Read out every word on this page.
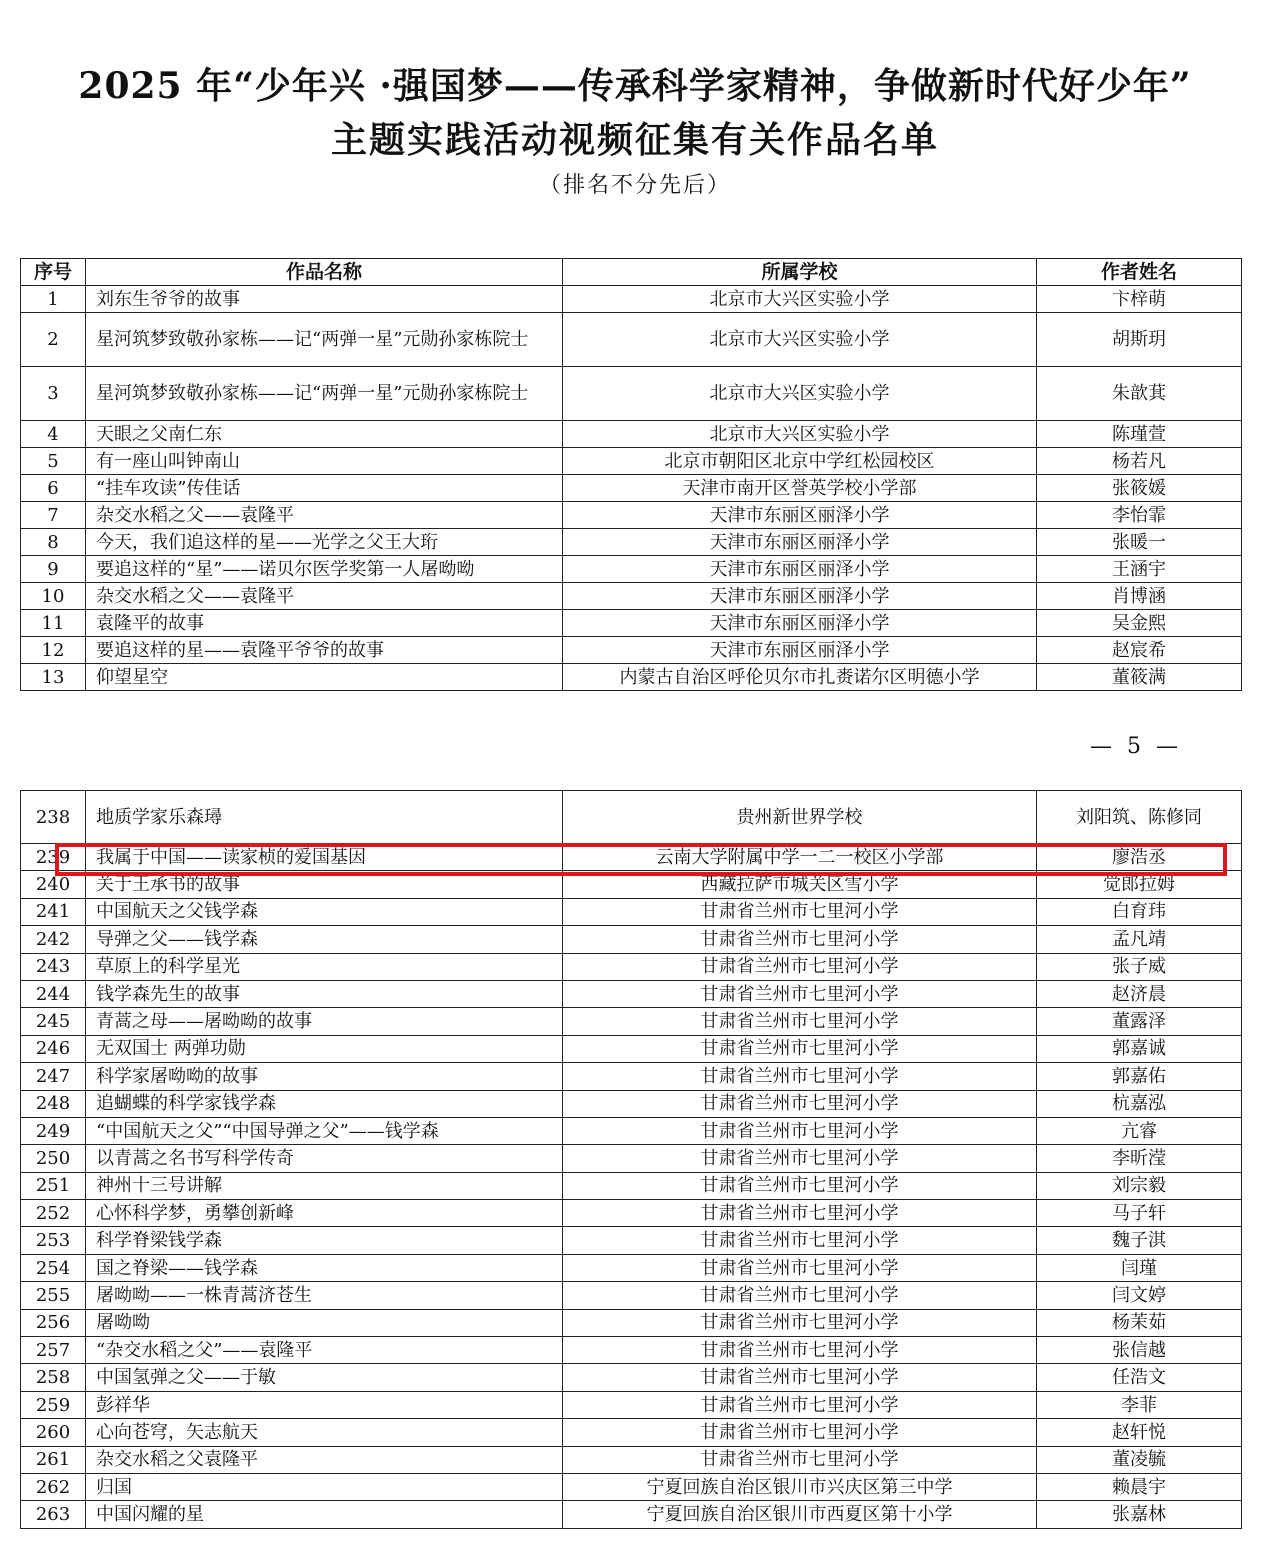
2025 年“少年兴 ·强国梦——传承科学家精神，争做新时代好少年”
主题实践活动视频征集有关作品名单
（排名不分先后）
序号	作品名称	所属学校	作者姓名
1	刘东生爷爷的故事	北京市大兴区实验小学	卞梓萌
2	星河筑梦致敬孙家栋——记“两弹一星”元勋孙家栋院士	北京市大兴区实验小学	胡斯玥
3	星河筑梦致敬孙家栋——记“两弹一星”元勋孙家栋院士	北京市大兴区实验小学	朱歆萁
4	天眼之父南仁东	北京市大兴区实验小学	陈瑾萱
5	有一座山叫钟南山	北京市朝阳区北京中学红松园校区	杨若凡
6	“挂车攻读”传佳话	天津市南开区誉英学校小学部	张筱媛
7	杂交水稻之父——袁隆平	天津市东丽区丽泽小学	李怡霏
8	今天，我们追这样的星——光学之父王大珩	天津市东丽区丽泽小学	张暖一
9	要追这样的“星”——诺贝尔医学奖第一人屠呦呦	天津市东丽区丽泽小学	王涵宇
10	杂交水稻之父——袁隆平	天津市东丽区丽泽小学	肖博涵
11	袁隆平的故事	天津市东丽区丽泽小学	吴金熙
12	要追这样的星——袁隆平爷爷的故事	天津市东丽区丽泽小学	赵宸希
13	仰望星空	内蒙古自治区呼伦贝尔市扎赉诺尔区明德小学	董筱满
— 5 —
238	地质学家乐森璕	贵州新世界学校	刘阳筑、陈修同
239	我属于中国——读家桢的爱国基因	云南大学附属中学一二一校区小学部	廖浩丞
240	关于王承书的故事	西藏拉萨市城关区雪小学	觉郎拉姆
241	中国航天之父钱学森	甘肃省兰州市七里河小学	白育玮
242	导弹之父——钱学森	甘肃省兰州市七里河小学	孟凡靖
243	草原上的科学星光	甘肃省兰州市七里河小学	张子威
244	钱学森先生的故事	甘肃省兰州市七里河小学	赵济晨
245	青蒿之母——屠呦呦的故事	甘肃省兰州市七里河小学	董露泽
246	无双国士 两弹功勋	甘肃省兰州市七里河小学	郭嘉诚
247	科学家屠呦呦的故事	甘肃省兰州市七里河小学	郭嘉佑
248	追蝴蝶的科学家钱学森	甘肃省兰州市七里河小学	杭嘉泓
249	“中国航天之父”“中国导弹之父”——钱学森	甘肃省兰州市七里河小学	亢睿
250	以青蒿之名书写科学传奇	甘肃省兰州市七里河小学	李昕滢
251	神州十三号讲解	甘肃省兰州市七里河小学	刘宗毅
252	心怀科学梦，勇攀创新峰	甘肃省兰州市七里河小学	马子轩
253	科学脊梁钱学森	甘肃省兰州市七里河小学	魏子淇
254	国之脊梁——钱学森	甘肃省兰州市七里河小学	闫瑾
255	屠呦呦——一株青蒿济苍生	甘肃省兰州市七里河小学	闫文婷
256	屠呦呦	甘肃省兰州市七里河小学	杨茉茹
257	“杂交水稻之父”——袁隆平	甘肃省兰州市七里河小学	张信越
258	中国氢弹之父——于敏	甘肃省兰州市七里河小学	任浩文
259	彭祥华	甘肃省兰州市七里河小学	李菲
260	心向苍穹，矢志航天	甘肃省兰州市七里河小学	赵轩悦
261	杂交水稻之父袁隆平	甘肃省兰州市七里河小学	董凌毓
262	归国	宁夏回族自治区银川市兴庆区第三中学	赖晨宇
263	中国闪耀的星	宁夏回族自治区银川市西夏区第十小学	张嘉林
